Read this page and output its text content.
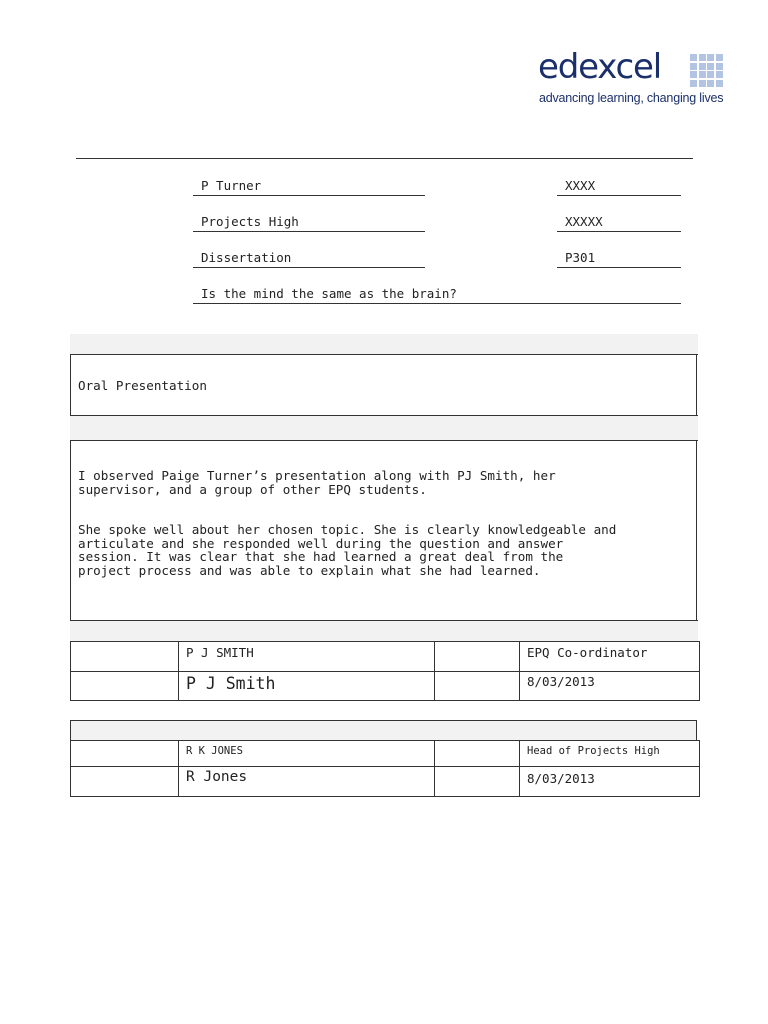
edexcel
advancing learning, changing lives
P Turner	XXXX
Projects High	XXXXX
Dissertation	P301
Is the mind the same as the brain?
Oral Presentation
I observed Paige Turner’s presentation along with PJ Smith, her
supervisor, and a group of other EPQ students.
She spoke well about her chosen topic. She is clearly knowledgeable and
articulate and she responded well during the question and answer
session. It was clear that she had learned a great deal from the
project process and was able to explain what she had learned.
	P J SMITH		EPQ Co-ordinator
	P J Smith		8/03/2013
	R K JONES		Head of Projects High
	R Jones		8/03/2013
